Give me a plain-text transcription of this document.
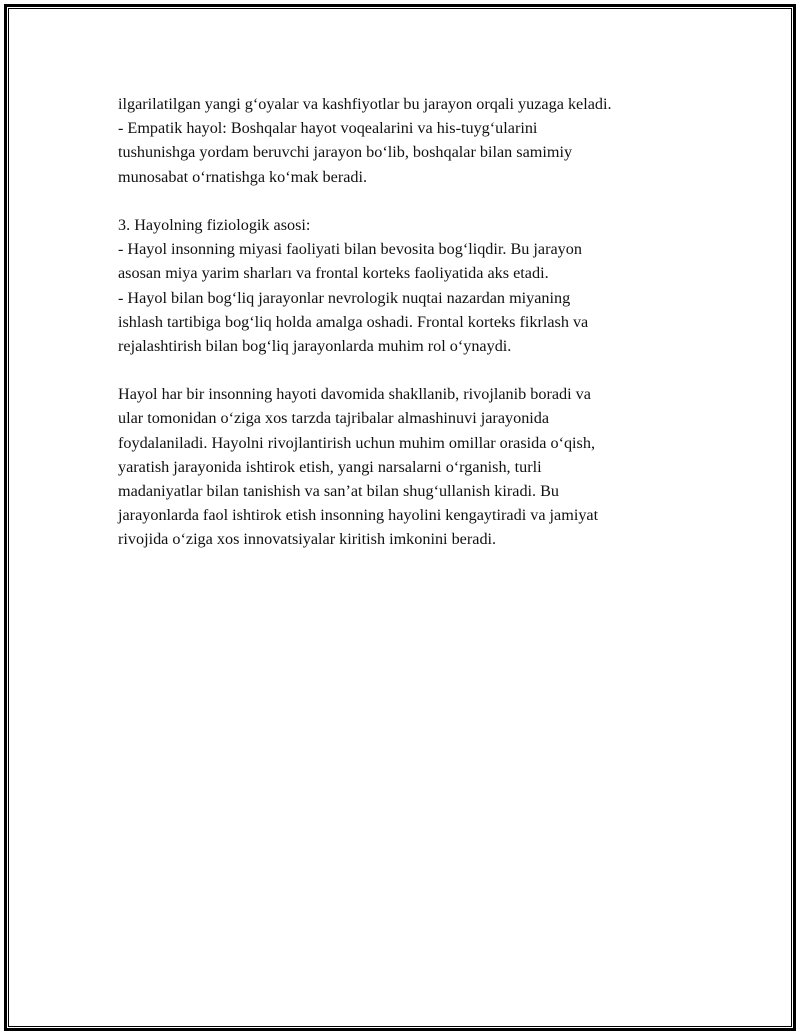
ilgarilatilgan yangi g‘oyalar va kashfiyotlar bu jarayon orqali yuzaga keladi.
- Empatik hayol: Boshqalar hayot voqealarini va his-tuyg‘ularini
tushunishga yordam beruvchi jarayon bo‘lib, boshqalar bilan samimiy
munosabat o‘rnatishga ko‘mak beradi.
3. Hayolning fiziologik asosi:
- Hayol insonning miyasi faoliyati bilan bevosita bog‘liqdir. Bu jarayon
asosan miya yarim sharları va frontal korteks faoliyatida aks etadi.
- Hayol bilan bog‘liq jarayonlar nevrologik nuqtai nazardan miyaning
ishlash tartibiga bog‘liq holda amalga oshadi. Frontal korteks fikrlash va
rejalashtirish bilan bog‘liq jarayonlarda muhim rol o‘ynaydi.
Hayol har bir insonning hayoti davomida shakllanib, rivojlanib boradi va
ular tomonidan o‘ziga xos tarzda tajribalar almashinuvi jarayonida
foydalaniladi. Hayolni rivojlantirish uchun muhim omillar orasida o‘qish,
yaratish jarayonida ishtirok etish, yangi narsalarni o‘rganish, turli
madaniyatlar bilan tanishish va san’at bilan shug‘ullanish kiradi. Bu
jarayonlarda faol ishtirok etish insonning hayolini kengaytiradi va jamiyat
rivojida o‘ziga xos innovatsiyalar kiritish imkonini beradi.
